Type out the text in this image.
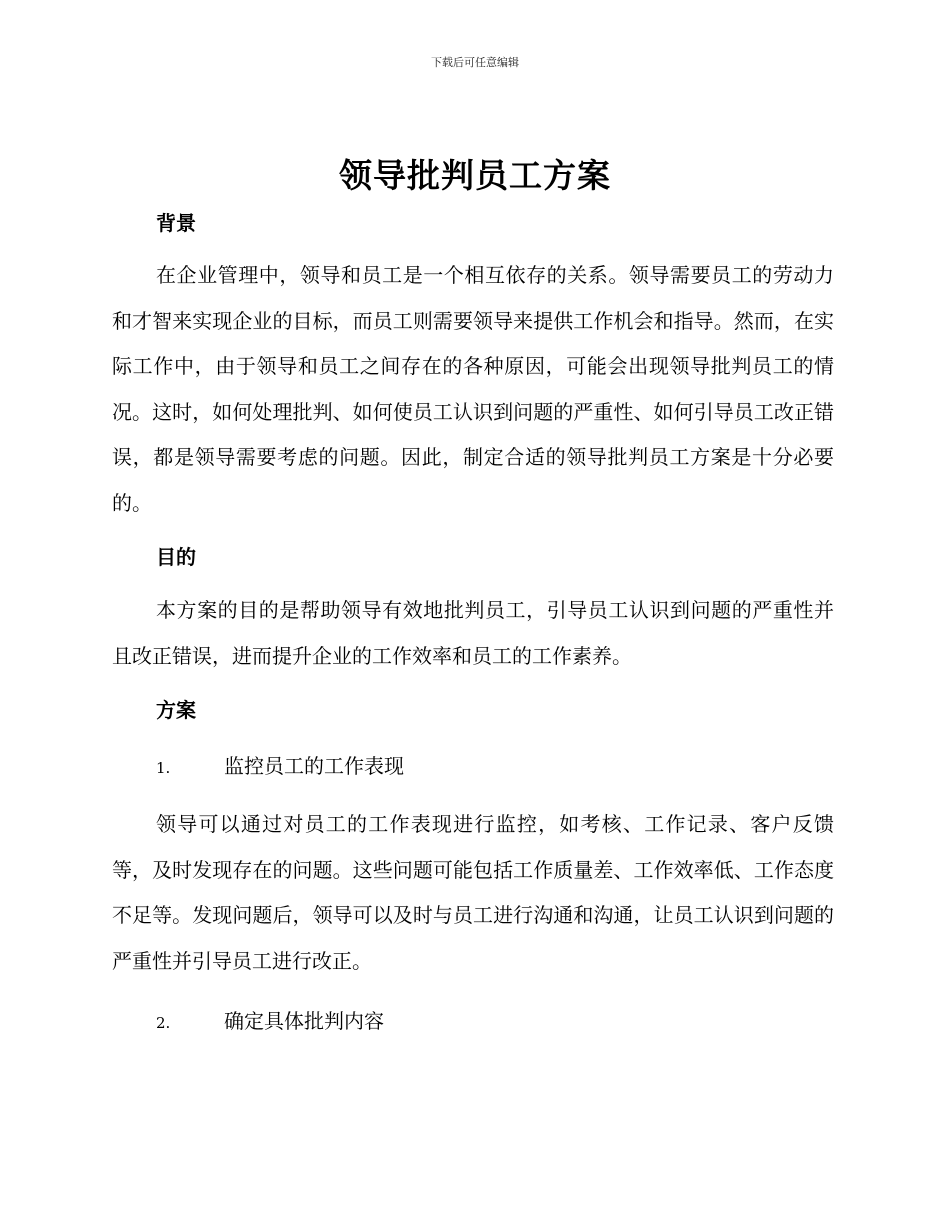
下载后可任意编辑
领导批判员工方案
背景

在企业管理中，领导和员工是一个相互依存的关系。领导需要员工的劳动力和才智来实现企业的目标，而员工则需要领导来提供工作机会和指导。然而，在实际工作中，由于领导和员工之间存在的各种原因，可能会出现领导批判员工的情况。这时，如何处理批判、如何使员工认识到问题的严重性、如何引导员工改正错误，都是领导需要考虑的问题。因此，制定合适的领导批判员工方案是十分必要的。

目的

本方案的目的是帮助领导有效地批判员工，引导员工认识到问题的严重性并且改正错误，进而提升企业的工作效率和员工的工作素养。

方案
1.	监控员工的工作表现

领导可以通过对员工的工作表现进行监控，如考核、工作记录、客户反馈等，及时发现存在的问题。这些问题可能包括工作质量差、工作效率低、工作态度不足等。发现问题后，领导可以及时与员工进行沟通和沟通，让员工认识到问题的严重性并引导员工进行改正。

2.	确定具体批判内容
